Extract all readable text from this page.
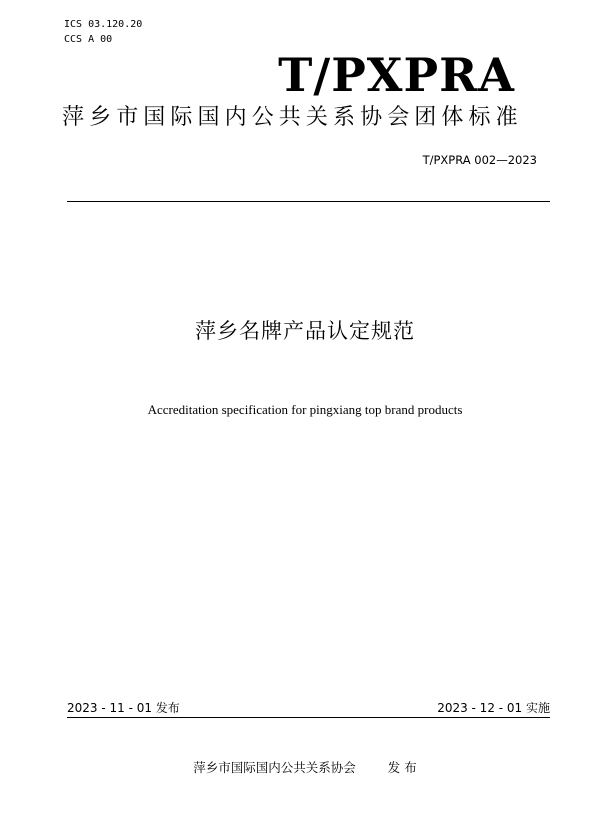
ICS 03.120.20
CCS A 00
T/PXPRA
萍乡市国际国内公共关系协会团体标准
T/PXPRA 002—2023
萍乡名牌产品认定规范
Accreditation specification for pingxiang top brand products
2023 - 11 - 01 发布	2023 - 12 - 01 实施
萍乡市国际国内公共关系协会	发 布
